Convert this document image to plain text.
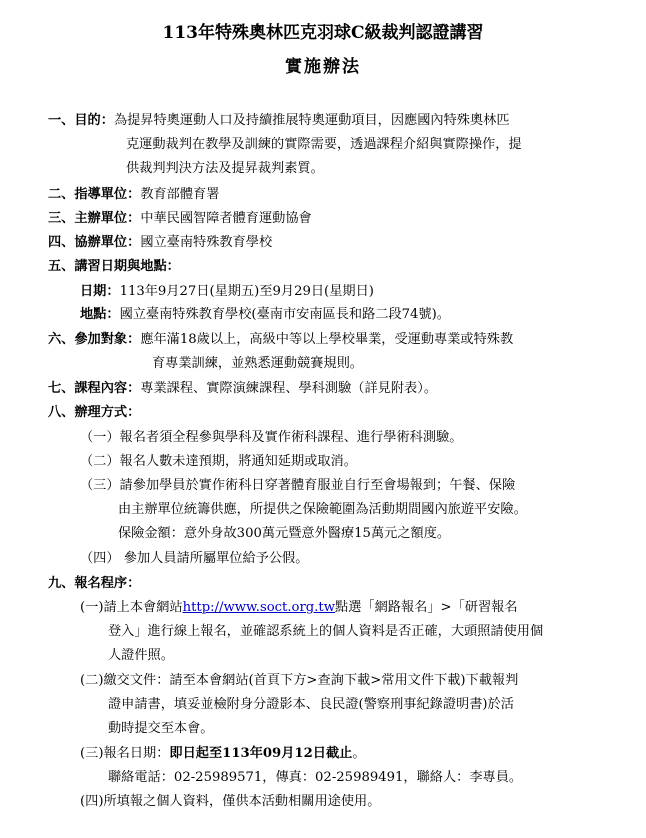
113年特殊奧林匹克羽球C級裁判認證講習
實施辦法
一、目的：為提昇特奧運動人口及持續推展特奧運動項目，因應國內特殊奧林匹
克運動裁判在教學及訓練的實際需要，透過課程介紹與實際操作，提
供裁判判決方法及提昇裁判素質。
二、指導單位：教育部體育署
三、主辦單位：中華民國智障者體育運動協會
四、協辦單位：國立臺南特殊教育學校
五、講習日期與地點：
日期：113年9月27日(星期五)至9月29日(星期日)
地點：國立臺南特殊教育學校(臺南市安南區長和路二段74號)。
六、參加對象：應年滿18歲以上，高級中等以上學校畢業，受運動專業或特殊教
育專業訓練，並熟悉運動競賽規則。
七、課程內容：專業課程、實際演練課程、學科測驗（詳見附表）。
八、辦理方式：
（一）報名者須全程參與學科及實作術科課程、進行學術科測驗。
（二）報名人數未達預期，將通知延期或取消。
（三）請參加學員於實作術科日穿著體育服並自行至會場報到；午餐、保險
由主辦單位統籌供應，所提供之保險範圍為活動期間國內旅遊平安險。
保險金額：意外身故300萬元暨意外醫療15萬元之額度。
（四） 參加人員請所屬單位給予公假。
九、報名程序：
(一)請上本會網站http://www.soct.org.tw點選「網路報名」>「研習報名
登入」進行線上報名，並確認系統上的個人資料是否正確，大頭照請使用個
人證件照。
(二)繳交文件：請至本會網站(首頁下方>查詢下載>常用文件下載)下載報判
證申請書，填妥並檢附身分證影本、良民證(警察刑事紀錄證明書)於活
動時提交至本會。
(三)報名日期：即日起至113年09月12日截止。
聯絡電話：02-25989571，傳真：02-25989491，聯絡人：李專員。
(四)所填報之個人資料，僅供本活動相關用途使用。
